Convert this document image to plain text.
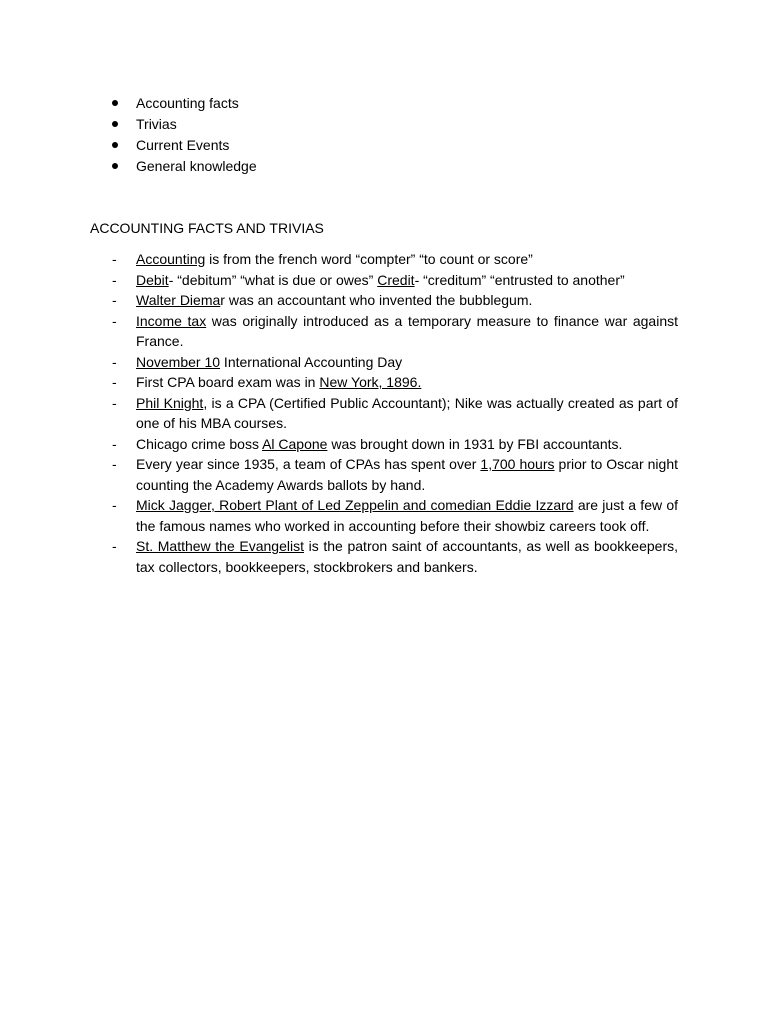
Accounting facts
Trivias
Current Events
General knowledge
ACCOUNTING FACTS AND TRIVIAS
- Accounting is from the french word “compter” “to count or score”
- Debit- “debitum” “what is due or owes” Credit- “creditum” “entrusted to another”
- Walter Diemar was an accountant who invented the bubblegum.
- Income tax was originally introduced as a temporary measure to finance war against France.
- November 10 International Accounting Day
- First CPA board exam was in New York, 1896.
- Phil Knight, is a CPA (Certified Public Accountant); Nike was actually created as part of one of his MBA courses.
- Chicago crime boss Al Capone was brought down in 1931 by FBI accountants.
- Every year since 1935, a team of CPAs has spent over 1,700 hours prior to Oscar night counting the Academy Awards ballots by hand.
- Mick Jagger, Robert Plant of Led Zeppelin and comedian Eddie Izzard are just a few of the famous names who worked in accounting before their showbiz careers took off.
- St. Matthew the Evangelist is the patron saint of accountants, as well as bookkeepers, tax collectors, bookkeepers, stockbrokers and bankers.
